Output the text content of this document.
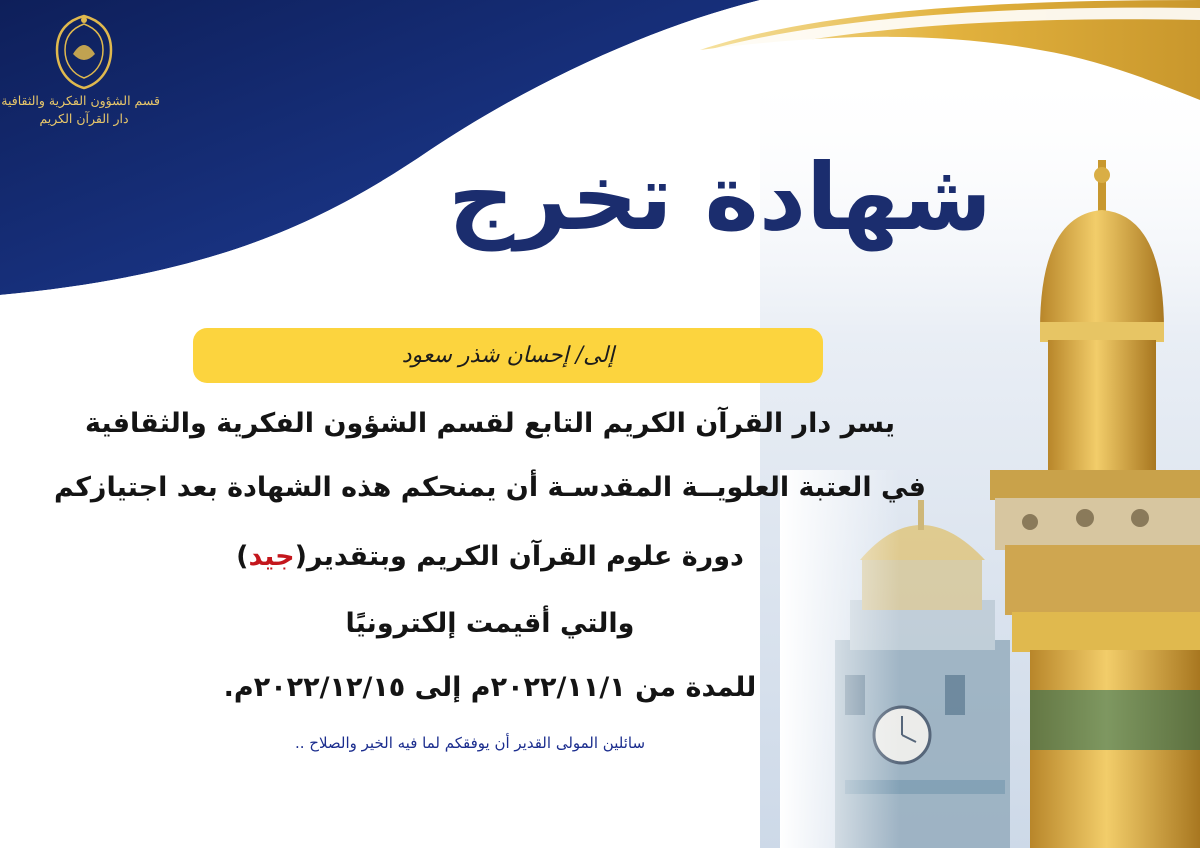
قسم الشؤون الفكرية والثقافية
دار القرآن الكريم
شهادة تخرج
إلى/ إحسان شذر سعود
يسر دار القرآن الكريم التابع لقسم الشؤون الفكرية والثقافية
في العتبة العلويــة المقدسـة أن يمنحكم هذه الشهادة بعد اجتيازكم
دورة علوم القرآن الكريم وبتقدير(جيد)
والتي أقيمت إلكترونيًا
للمدة من ٢٠٢٢/١١/١م إلى ٢٠٢٢/١٢/١٥م.
سائلين المولى القدير أن يوفقكم لما فيه الخير والصلاح ..
